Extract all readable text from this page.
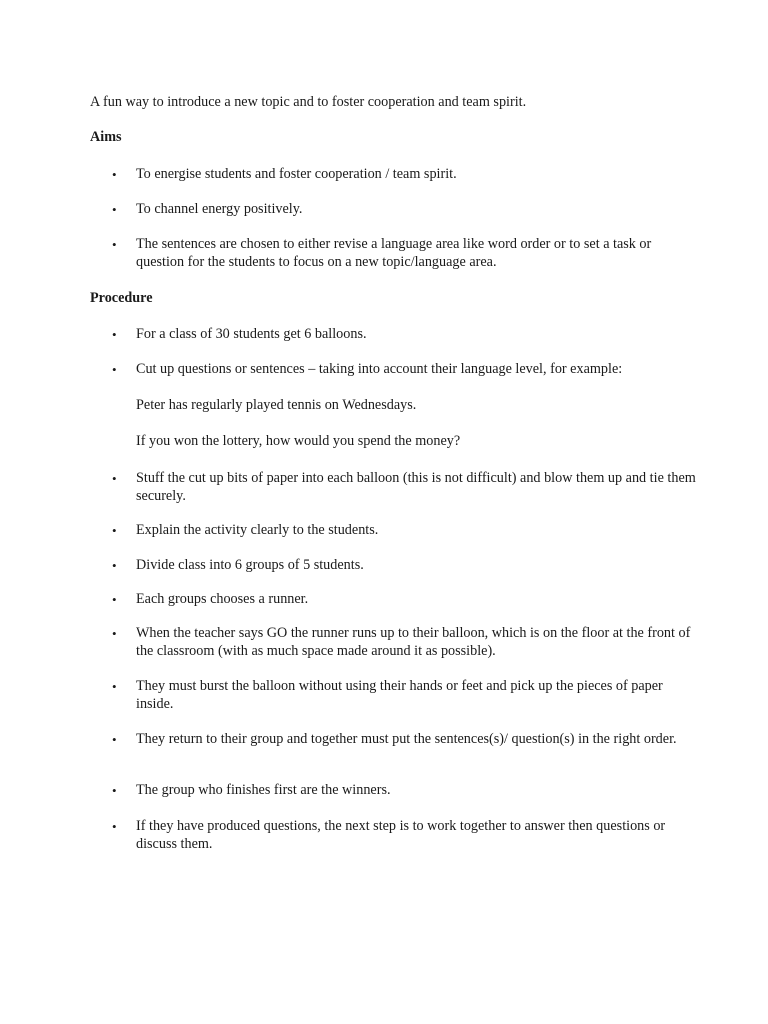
A fun way to introduce a new topic and to foster cooperation and team spirit.

Aims

• To energise students and foster cooperation / team spirit.

• To channel energy positively.

• The sentences are chosen to either revise a language area like word order or to set a task or question for the students to focus on a new topic/language area.

Procedure

• For a class of 30 students get 6 balloons.

• Cut up questions or sentences – taking into account their language level, for example:

Peter has regularly played tennis on Wednesdays.

If you won the lottery, how would you spend the money?

• Stuff the cut up bits of paper into each balloon (this is not difficult) and blow them up and tie them securely.

• Explain the activity clearly to the students.

• Divide class into 6 groups of 5 students.

• Each groups chooses a runner.

• When the teacher says GO the runner runs up to their balloon, which is on the floor at the front of the classroom (with as much space made around it as possible).

• They must burst the balloon without using their hands or feet and pick up the pieces of paper inside.

• They return to their group and together must put the sentences(s)/ question(s) in the right order.

• The group who finishes first are the winners.

• If they have produced questions, the next step is to work together to answer then questions or discuss them.
